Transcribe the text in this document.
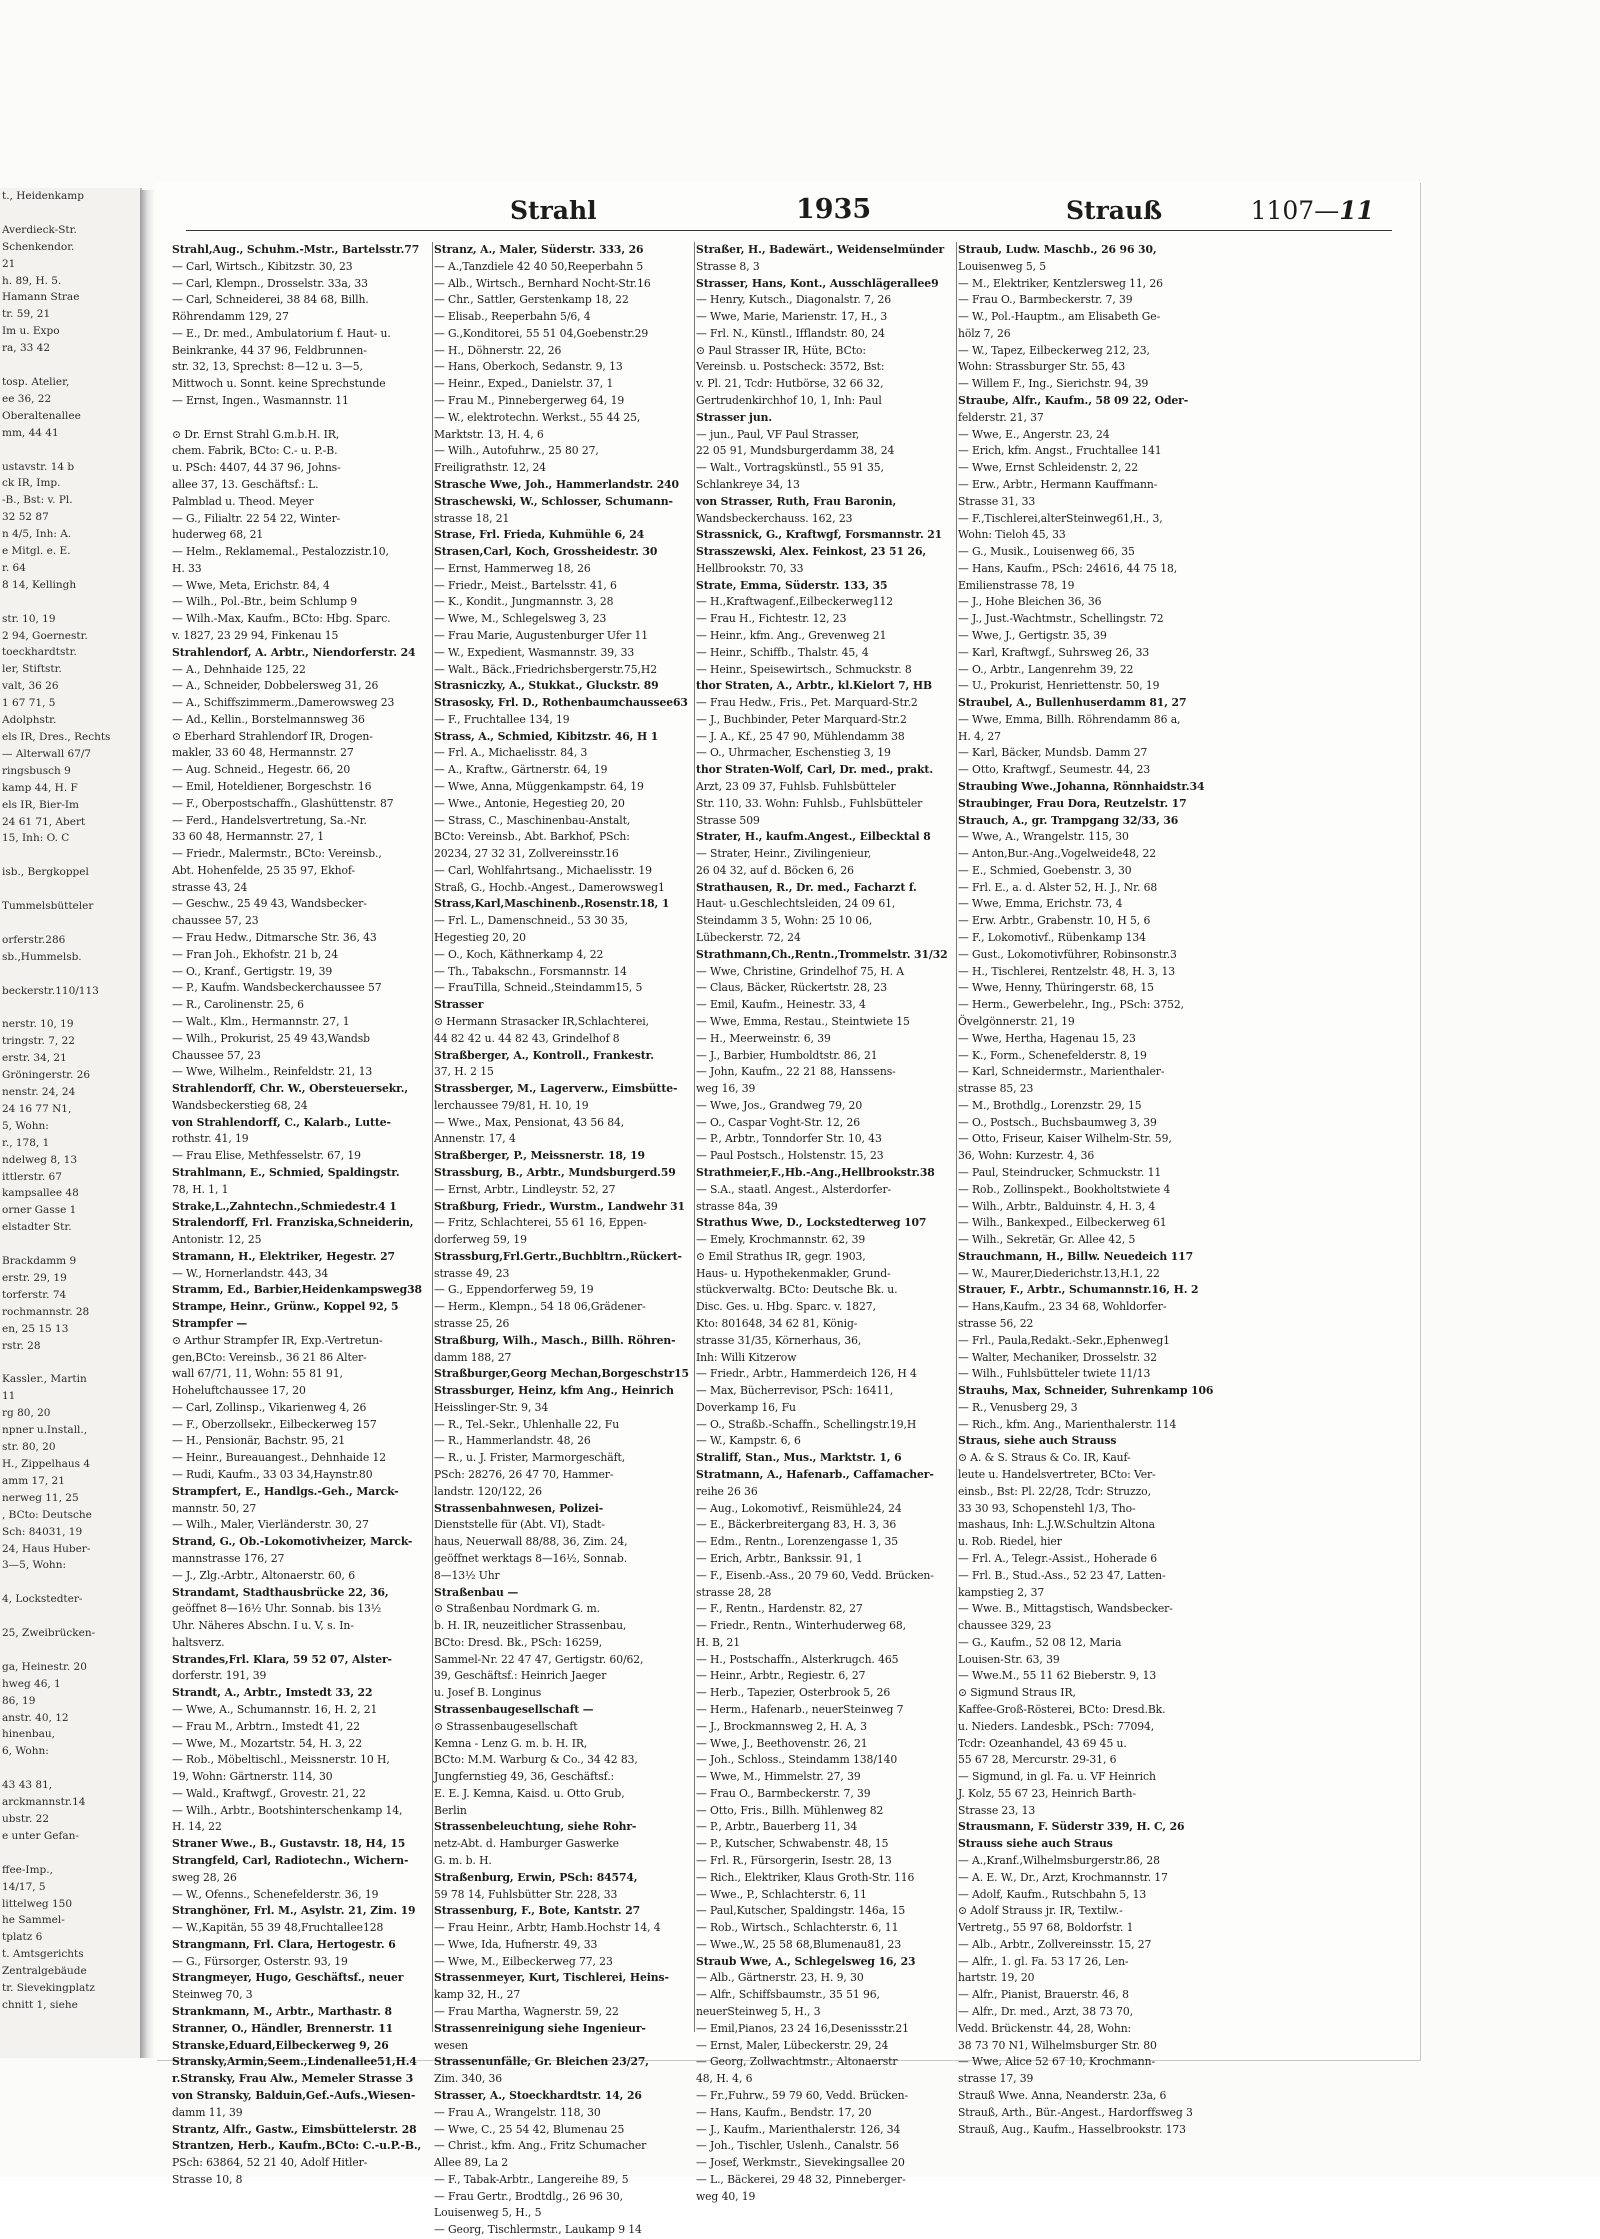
t., Heidenkamp

Averdieck-Str.
Schenkendor.
21
h. 89, H. 5.
Hamann Strae
tr. 59, 21
Im u. Expo
ra, 33 42

tosp. Atelier,
ee 36, 22
Oberaltenallee
mm, 44 41

ustavstr. 14 b
ck IR, Imp.
-B., Bst: v. Pl.
32 52 87
n 4/5, Inh: A.
e Mitgl. e. E.
r. 64
8 14, Kellingh

str. 10, 19
2 94, Goernestr.
toeckhardtstr.
ler, Stiftstr.
valt, 36 26
1 67 71, 5
Adolphstr.
els IR, Dres., Rechts
— Alterwall 67/7
ringsbusch 9
kamp 44, H. F
els IR, Bier-Im
24 61 71, Abert
15, Inh: O. C

isb., Bergkoppel

Tummelsbütteler

orferstr.286
sb.,Hummelsb.

beckerstr.110/113

nerstr. 10, 19
tringstr. 7, 22
erstr. 34, 21
Gröningerstr. 26
nenstr. 24, 24
24 16 77 N1,
5, Wohn:
r., 178, 1
ndelweg 8, 13
ittlerstr. 67
kampsallee 48
orner Gasse 1
elstadter Str.

Brackdamm 9
erstr. 29, 19
torferstr. 74
rochmannstr. 28
en, 25 15 13
rstr. 28

Kassler., Martin
11
rg 80, 20
npner u.Install.,
str. 80, 20
H., Zippelhaus 4
amm 17, 21
nerweg 11, 25
, BCto: Deutsche
Sch: 84031, 19
24, Haus Huber-
3—5, Wohn:

4, Lockstedter-

25, Zweibrücken-

ga, Heinestr. 20
hweg 46, 1
86, 19
anstr. 40, 12
hinenbau,
6, Wohn:

43 43 81,
arckmannstr.14
ubstr. 22
e unter Gefan-

ffee-Imp.,
14/17, 5
littelweg 150
he Sammel-
tplatz 6
t. Amtsgerichts
Zentralgebäude
tr. Sievekingplatz
chnitt 1, siehe
Strahl	1935	Strauß	1107—11
Strahl,Aug., Schuhm.-Mstr., Bartelsstr.77
— Carl, Wirtsch., Kibitzstr. 30, 23
— Carl, Klempn., Drosselstr. 33a, 33
— Carl, Schneiderei, 38 84 68, Billh.
Röhrendamm 129, 27
— E., Dr. med., Ambulatorium f. Haut- u.
Beinkranke, 44 37 96, Feldbrunnen-
str. 32, 13, Sprechst: 8—12 u. 3—5,
Mittwoch u. Sonnt. keine Sprechstunde
— Ernst, Ingen., Wasmannstr. 11

⊙ Dr. Ernst Strahl G.m.b.H. IR,
chem. Fabrik, BCto: C.- u. P.-B.
u. PSch: 4407, 44 37 96, Johns-
allee 37, 13. Geschäftsf.: L.
Palmblad u. Theod. Meyer
— G., Filialtr. 22 54 22, Winter-
huderweg 68, 21
— Helm., Reklamemal., Pestalozzistr.10,
H. 33
— Wwe, Meta, Erichstr. 84, 4
— Wilh., Pol.-Btr., beim Schlump 9
— Wilh.-Max, Kaufm., BCto: Hbg. Sparc.
v. 1827, 23 29 94, Finkenau 15
Strahlendorf, A. Arbtr., Niendorferstr. 24
— A., Dehnhaide 125, 22
— A., Schneider, Dobbelersweg 31, 26
— A., Schiffszimmerm.,Damerowsweg 23
— Ad., Kellin., Borstelmannsweg 36
⊙ Eberhard Strahlendorf IR, Drogen-
makler, 33 60 48, Hermannstr. 27
— Aug. Schneid., Hegestr. 66, 20
— Emil, Hoteldiener, Borgeschstr. 16
— F., Oberpostschaffn., Glashüttenstr. 87
— Ferd., Handelsvertretung, Sa.-Nr.
33 60 48, Hermannstr. 27, 1
— Friedr., Malermstr., BCto: Vereinsb.,
Abt. Hohenfelde, 25 35 97, Ekhof-
strasse 43, 24
— Geschw., 25 49 43, Wandsbecker-
chaussee 57, 23
— Frau Hedw., Ditmarsche Str. 36, 43
— Fran Joh., Ekhofstr. 21 b, 24
— O., Kranf., Gertigstr. 19, 39
— P., Kaufm. Wandsbeckerchaussee 57
— R., Carolinenstr. 25, 6
— Walt., Klm., Hermannstr. 27, 1
— Wilh., Prokurist, 25 49 43,Wandsb
Chaussee 57, 23
— Wwe, Wilhelm., Reinfeldstr. 21, 13
Strahlendorff, Chr. W., Obersteuersekr.,
Wandsbeckerstieg 68, 24
von Strahlendorff, C., Kalarb., Lutte-
rothstr. 41, 19
— Frau Elise, Methfesselstr. 67, 19
Strahlmann, E., Schmied, Spaldingstr.
78, H. 1, 1
Strake,L.,Zahntechn.,Schmiedestr.4 1
Stralendorff, Frl. Franziska,Schneiderin,
Antonistr. 12, 25
Stramann, H., Elektriker, Hegestr. 27
— W., Hornerlandstr. 443, 34
Stramm, Ed., Barbier,Heidenkampsweg38
Strampe, Heinr., Grünw., Koppel 92, 5
Strampfer —
⊙ Arthur Strampfer IR, Exp.-Vertretun-
gen,BCto: Vereinsb., 36 21 86 Alter-
wall 67/71, 11, Wohn: 55 81 91,
Hoheluftchaussee 17, 20
— Carl, Zollinsp., Vikarienweg 4, 26
— F., Oberzollsekr., Eilbeckerweg 157
— H., Pensionär, Bachstr. 95, 21
— Heinr., Bureauangest., Dehnhaide 12
— Rudi, Kaufm., 33 03 34,Haynstr.80
Strampfert, E., Handlgs.-Geh., Marck-
mannstr. 50, 27
— Wilh., Maler, Vierländerstr. 30, 27
Strand, G., Ob.-Lokomotivheizer, Marck-
mannstrasse 176, 27
— J., Zlg.-Arbtr., Altonaerstr. 60, 6
Strandamt, Stadthausbrücke 22, 36,
geöffnet 8—16½ Uhr. Sonnab. bis 13½
Uhr. Näheres Abschn. I u. V, s. In-
haltsverz.
Strandes,Frl. Klara, 59 52 07, Alster-
dorferstr. 191, 39
Strandt, A., Arbtr., Imstedt 33, 22
— Wwe, A., Schumannstr. 16, H. 2, 21
— Frau M., Arbtrn., Imstedt 41, 22
— Wwe, M., Mozartstr. 54, H. 3, 22
— Rob., Möbeltischl., Meissnerstr. 10 H,
19, Wohn: Gärtnerstr. 114, 30
— Wald., Kraftwgf., Grovestr. 21, 22
— Wilh., Arbtr., Bootshinterschenkamp 14,
H. 14, 22
Straner Wwe., B., Gustavstr. 18, H4, 15
Strangfeld, Carl, Radiotechn., Wichern-
sweg 28, 26
— W., Ofenns., Schenefelderstr. 36, 19
Stranghöner, Frl. M., Asylstr. 21, Zim. 19
— W.,Kapitän, 55 39 48,Fruchtallee128
Strangmann, Frl. Clara, Hertogestr. 6
— G., Fürsorger, Osterstr. 93, 19
Strangmeyer, Hugo, Geschäftsf., neuer
Steinweg 70, 3
Strankmann, M., Arbtr., Marthastr. 8
Stranner, O., Händler, Brennerstr. 11
Stranske,Eduard,Eilbeckerweg 9, 26
Stransky,Armin,Seem.,Lindenallee51,H.4
r.Stransky, Frau Alw., Memeler Strasse 3
von Stransky, Balduin,Gef.-Aufs.,Wiesen-
damm 11, 39
Strantz, Alfr., Gastw., Eimsbüttelerstr. 28
Strantzen, Herb., Kaufm.,BCto: C.-u.P.-B.,
PSch: 63864, 52 21 40, Adolf Hitler-
Strasse 10, 8
Stranz, A., Maler, Süderstr. 333, 26
— A.,Tanzdiele 42 40 50,Reeperbahn 5
— Alb., Wirtsch., Bernhard Nocht-Str.16
— Chr., Sattler, Gerstenkamp 18, 22
— Elisab., Reeperbahn 5/6, 4
— G.,Konditorei, 55 51 04,Goebenstr.29
— H., Döhnerstr. 22, 26
— Hans, Oberkoch, Sedanstr. 9, 13
— Heinr., Exped., Danielstr. 37, 1
— Frau M., Pinnebergerweg 64, 19
— W., elektrotechn. Werkst., 55 44 25,
Marktstr. 13, H. 4, 6
— Wilh., Autofuhrw., 25 80 27,
Freiligrathstr. 12, 24
Strasche Wwe, Joh., Hammerlandstr. 240
Straschewski, W., Schlosser, Schumann-
strasse 18, 21
Strase, Frl. Frieda, Kuhmühle 6, 24
Strasen,Carl, Koch, Grossheidestr. 30
— Ernst, Hammerweg 18, 26
— Friedr., Meist., Bartelsstr. 41, 6
— K., Kondit., Jungmannstr. 3, 28
— Wwe, M., Schlegelsweg 3, 23
— Frau Marie, Augustenburger Ufer 11
— W., Expedient, Wasmannstr. 39, 33
— Walt., Bäck.,Friedrichsbergerstr.75,H2
Strasniczky, A., Stukkat., Gluckstr. 89
Strasosky, Frl. D., Rothenbaumchaussee63
— F., Fruchtallee 134, 19
Strass, A., Schmied, Kibitzstr. 46, H 1
— Frl. A., Michaelisstr. 84, 3
— A., Kraftw., Gärtnerstr. 64, 19
— Wwe, Anna, Müggenkampstr. 64, 19
— Wwe., Antonie, Hegestieg 20, 20
— Strass, C., Maschinenbau-Anstalt,
BCto: Vereinsb., Abt. Barkhof, PSch:
20234, 27 32 31, Zollvereinsstr.16
— Carl, Wohlfahrtsang., Michaelisstr. 19
Straß, G., Hochb.-Angest., Damerowsweg1
Strass,Karl,Maschinenb.,Rosenstr.18, 1
— Frl. L., Damenschneid., 53 30 35,
Hegestieg 20, 20
— O., Koch, Käthnerkamp 4, 22
— Th., Tabakschn., Forsmannstr. 14
— FrauTilla, Schneid.,Steindamm15, 5
Strasser
⊙ Hermann Strasacker IR,Schlachterei,
44 82 42 u. 44 82 43, Grindelhof 8
Straßberger, A., Kontroll., Frankestr.
37, H. 2 15
Strassberger, M., Lagerverw., Eimsbütte-
lerchaussee 79/81, H. 10, 19
— Wwe., Max, Pensionat, 43 56 84,
Annenstr. 17, 4
Straßberger, P., Meissnerstr. 18, 19
Strassburg, B., Arbtr., Mundsburgerd.59
— Ernst, Arbtr., Lindleystr. 52, 27
Straßburg, Friedr., Wurstm., Landwehr 31
— Fritz, Schlachterei, 55 61 16, Eppen-
dorferweg 59, 19
Strassburg,Frl.Gertr.,Buchbltrn.,Rückert-
strasse 49, 23
— G., Eppendorferweg 59, 19
— Herm., Klempn., 54 18 06,Grädener-
strasse 25, 26
Straßburg, Wilh., Masch., Billh. Röhren-
damm 188, 27
Straßburger,Georg Mechan,Borgeschstr15
Strassburger, Heinz, kfm Ang., Heinrich
Heisslinger-Str. 9, 34
— R., Tel.-Sekr., Uhlenhalle 22, Fu
— R., Hammerlandstr. 48, 26
— R., u. J. Frister, Marmorgeschäft,
PSch: 28276, 26 47 70, Hammer-
landstr. 120/122, 26
Strassenbahnwesen, Polizei-
Dienststelle für (Abt. VI), Stadt-
haus, Neuerwall 88/88, 36, Zim. 24,
geöffnet werktags 8—16½, Sonnab.
8—13½ Uhr
Straßenbau —
⊙ Straßenbau Nordmark G. m.
b. H. IR, neuzeitlicher Strassenbau,
BCto: Dresd. Bk., PSch: 16259,
Sammel-Nr. 22 47 47, Gertigstr. 60/62,
39, Geschäftsf.: Heinrich Jaeger
u. Josef B. Longinus
Strassenbaugesellschaft —
⊙ Strassenbaugesellschaft
Kemna - Lenz G. m. b. H. IR,
BCto: M.M. Warburg & Co., 34 42 83,
Jungfernstieg 49, 36, Geschäftsf.:
E. E. J. Kemna, Kaisd. u. Otto Grub,
Berlin
Strassenbeleuchtung, siehe Rohr-
netz-Abt. d. Hamburger Gaswerke
G. m. b. H.
Straßenburg, Erwin, PSch: 84574,
59 78 14, Fuhlsbütter Str. 228, 33
Strassenburg, F., Bote, Kantstr. 27
— Frau Heinr., Arbtr, Hamb.Hochstr 14, 4
— Wwe, Ida, Hufnerstr. 49, 33
— Wwe, M., Eilbeckerweg 77, 23
Strassenmeyer, Kurt, Tischlerei, Heins-
kamp 32, H., 27
— Frau Martha, Wagnerstr. 59, 22
Strassenreinigung siehe Ingenieur-
wesen
Strassenunfälle, Gr. Bleichen 23/27,
Zim. 340, 36
Strasser, A., Stoeckhardtstr. 14, 26
— Frau A., Wrangelstr. 118, 30
— Wwe, C., 25 54 42, Blumenau 25
— Christ., kfm. Ang., Fritz Schumacher
Allee 89, La 2
— F., Tabak-Arbtr., Langereihe 89, 5
— Frau Gertr., Brodtdlg., 26 96 30,
Louisenweg 5, H., 5
— Georg, Tischlermstr., Laukamp 9 14
Straßer, H., Badewärt., Weidenselmünder
Strasse 8, 3
Strasser, Hans, Kont., Ausschlägerallee9
— Henry, Kutsch., Diagonalstr. 7, 26
— Wwe, Marie, Marienstr. 17, H., 3
— Frl. N., Künstl., Ifflandstr. 80, 24
⊙ Paul Strasser IR, Hüte, BCto:
Vereinsb. u. Postscheck: 3572, Bst:
v. Pl. 21, Tcdr: Hutbörse, 32 66 32,
Gertrudenkirchhof 10, 1, Inh: Paul
Strasser jun.
— jun., Paul, VF Paul Strasser,
22 05 91, Mundsburgerdamm 38, 24
— Walt., Vortragskünstl., 55 91 35,
Schlankreye 34, 13
von Strasser, Ruth, Frau Baronin,
Wandsbeckerchauss. 162, 23
Strassnick, G., Kraftwgf, Forsmannstr. 21
Strasszewski, Alex. Feinkost, 23 51 26,
Hellbrookstr. 70, 33
Strate, Emma, Süderstr. 133, 35
— H.,Kraftwagenf.,Eilbeckerweg112
— Frau H., Fichtestr. 12, 23
— Heinr., kfm. Ang., Grevenweg 21
— Heinr., Schiffb., Thalstr. 45, 4
— Heinr., Speisewirtsch., Schmuckstr. 8
thor Straten, A., Arbtr., kl.Kielort 7, HB
— Frau Hedw., Fris., Pet. Marquard-Str.2
— J., Buchbinder, Peter Marquard-Str.2
— J. A., Kf., 25 47 90, Mühlendamm 38
— O., Uhrmacher, Eschenstieg 3, 19
thor Straten-Wolf, Carl, Dr. med., prakt.
Arzt, 23 09 37, Fuhlsb. Fuhlsbütteler
Str. 110, 33. Wohn: Fuhlsb., Fuhlsbütteler
Strasse 509
Strater, H., kaufm.Angest., Eilbecktal 8
— Strater, Heinr., Zivilingenieur,
26 04 32, auf d. Böcken 6, 26
Strathausen, R., Dr. med., Facharzt f.
Haut- u.Geschlechtsleiden, 24 09 61,
Steindamm 3 5, Wohn: 25 10 06,
Lübeckerstr. 72, 24
Strathmann,Ch.,Rentn.,Trommelstr. 31/32
— Wwe, Christine, Grindelhof 75, H. A
— Claus, Bäcker, Rückertstr. 28, 23
— Emil, Kaufm., Heinestr. 33, 4
— Wwe, Emma, Restau., Steintwiete 15
— H., Meerweinstr. 6, 39
— J., Barbier, Humboldtstr. 86, 21
— John, Kaufm., 22 21 88, Hanssens-
weg 16, 39
— Wwe, Jos., Grandweg 79, 20
— O., Caspar Voght-Str. 12, 26
— P., Arbtr., Tonndorfer Str. 10, 43
— Paul Postsch., Holstenstr. 15, 23
Strathmeier,F.,Hb.-Ang.,Hellbrookstr.38
— S.A., staatl. Angest., Alsterdorfer-
strasse 84a, 39
Strathus Wwe, D., Lockstedterweg 107
— Emely, Krochmannstr. 62, 39
⊙ Emil Strathus IR, gegr. 1903,
Haus- u. Hypothekenmakler, Grund-
stückverwaltg. BCto: Deutsche Bk. u.
Disc. Ges. u. Hbg. Sparc. v. 1827,
Kto: 801648, 34 62 81, König-
strasse 31/35, Körnerhaus, 36,
Inh: Willi Kitzerow
— Friedr., Arbtr., Hammerdeich 126, H 4
— Max, Bücherrevisor, PSch: 16411,
Doverkamp 16, Fu
— O., Straßb.-Schaffn., Schellingstr.19,H
— W., Kampstr. 6, 6
Straliff, Stan., Mus., Marktstr. 1, 6
Stratmann, A., Hafenarb., Caffamacher-
reihe 26 36
— Aug., Lokomotivf., Reismühle24, 24
— E., Bäckerbreitergang 83, H. 3, 36
— Edm., Rentn., Lorenzengasse 1, 35
— Erich, Arbtr., Bankssir. 91, 1
— F., Eisenb.-Ass., 20 79 60, Vedd. Brücken-
strasse 28, 28
— F., Rentn., Hardenstr. 82, 27
— Friedr., Rentn., Winterhuderweg 68,
H. B, 21
— H., Postschaffn., Alsterkrugch. 465
— Heinr., Arbtr., Regiestr. 6, 27
— Herb., Tapezier, Osterbrook 5, 26
— Herm., Hafenarb., neuerSteinweg 7
— J., Brockmannsweg 2, H. A, 3
— Wwe, J., Beethovenstr. 26, 21
— Joh., Schloss., Steindamm 138/140
— Wwe, M., Himmelstr. 27, 39
— Frau O., Barmbeckerstr. 7, 39
— Otto, Fris., Billh. Mühlenweg 82
— P., Arbtr., Bauerberg 11, 34
— P., Kutscher, Schwabenstr. 48, 15
— Frl. R., Fürsorgerin, Isestr. 28, 13
— Rich., Elektriker, Klaus Groth-Str. 116
— Wwe., P., Schlachterstr. 6, 11
— Paul,Kutscher, Spaldingstr. 146a, 15
— Rob., Wirtsch., Schlachterstr. 6, 11
— Wwe.,W., 25 58 68,Blumenau81, 23
Straub Wwe, A., Schlegelsweg 16, 23
— Alb., Gärtnerstr. 23, H. 9, 30
— Alfr., Schiffsbaumstr., 35 51 96,
neuerSteinweg 5, H., 3
— Emil,Pianos, 23 24 16,Desenissstr.21
— Ernst, Maler, Lübeckerstr. 29, 24
— Georg, Zollwachtmstr., Altonaerstr
48, H. 4, 6
— Fr.,Fuhrw., 59 79 60, Vedd. Brücken-
— Hans, Kaufm., Bendstr. 17, 20
— J., Kaufm., Marienthalerstr. 126, 34
— Joh., Tischler, Uslenh., Canalstr. 56
— Josef, Werkmstr., Sievekingsallee 20
— L., Bäckerei, 29 48 32, Pinneberger-
weg 40, 19
Straub, Ludw. Maschb., 26 96 30,
Louisenweg 5, 5
— M., Elektriker, Kentzlersweg 11, 26
— Frau O., Barmbeckerstr. 7, 39
— W., Pol.-Hauptm., am Elisabeth Ge-
hölz 7, 26
— W., Tapez, Eilbeckerweg 212, 23,
Wohn: Strassburger Str. 55, 43
— Willem F., Ing., Sierichstr. 94, 39
Straube, Alfr., Kaufm., 58 09 22, Oder-
felderstr. 21, 37
— Wwe, E., Angerstr. 23, 24
— Erich, kfm. Angst., Fruchtallee 141
— Wwe, Ernst Schleidenstr. 2, 22
— Erw., Arbtr., Hermann Kauffmann-
Strasse 31, 33
— F.,Tischlerei,alterSteinweg61,H., 3,
Wohn: Tieloh 45, 33
— G., Musik., Louisenweg 66, 35
— Hans, Kaufm., PSch: 24616, 44 75 18,
Emilienstrasse 78, 19
— J., Hohe Bleichen 36, 36
— J., Just.-Wachtmstr., Schellingstr. 72
— Wwe, J., Gertigstr. 35, 39
— Karl, Kraftwgf., Suhrsweg 26, 33
— O., Arbtr., Langenrehm 39, 22
— U., Prokurist, Henriettenstr. 50, 19
Straubel, A., Bullenhuserdamm 81, 27
— Wwe, Emma, Billh. Röhrendamm 86 a,
H. 4, 27
— Karl, Bäcker, Mundsb. Damm 27
— Otto, Kraftwgf., Seumestr. 44, 23
Straubing Wwe.,Johanna, Rönnhaidstr.34
Straubinger, Frau Dora, Reutzelstr. 17
Strauch, A., gr. Trampgang 32/33, 36
— Wwe, A., Wrangelstr. 115, 30
— Anton,Bur.-Ang.,Vogelweide48, 22
— E., Schmied, Goebenstr. 3, 30
— Frl. E., a. d. Alster 52, H. J., Nr. 68
— Wwe, Emma, Erichstr. 73, 4
— Erw. Arbtr., Grabenstr. 10, H 5, 6
— F., Lokomotivf., Rübenkamp 134
— Gust., Lokomotivführer, Robinsonstr.3
— H., Tischlerei, Rentzelstr. 48, H. 3, 13
— Wwe, Henny, Thüringerstr. 68, 15
— Herm., Gewerbelehr., Ing., PSch: 3752,
Övelgönnerstr. 21, 19
— Wwe, Hertha, Hagenau 15, 23
— K., Form., Schenefelderstr. 8, 19
— Karl, Schneidermstr., Marienthaler-
strasse 85, 23
— M., Brothdlg., Lorenzstr. 29, 15
— O., Postsch., Buchsbaumweg 3, 39
— Otto, Friseur, Kaiser Wilhelm-Str. 59,
36, Wohn: Kurzestr. 4, 36
— Paul, Steindrucker, Schmuckstr. 11
— Rob., Zollinspekt., Bookholtstwiete 4
— Wilh., Arbtr., Balduinstr. 4, H. 3, 4
— Wilh., Bankexped., Eilbeckerweg 61
— Wilh., Sekretär, Gr. Allee 42, 5
Strauchmann, H., Billw. Neuedeich 117
— W., Maurer,Diederichstr.13,H.1, 22
Strauer, F., Arbtr., Schumannstr.16, H. 2
— Hans,Kaufm., 23 34 68, Wohldorfer-
strasse 56, 22
— Frl., Paula,Redakt.-Sekr.,Ephenweg1
— Walter, Mechaniker, Drosselstr. 32
— Wilh., Fuhlsbütteler twiete 11/13
Strauhs, Max, Schneider, Suhrenkamp 106
— R., Venusberg 29, 3
— Rich., kfm. Ang., Marienthalerstr. 114
Straus, siehe auch Strauss
⊙ A. & S. Straus & Co. IR, Kauf-
leute u. Handelsvertreter, BCto: Ver-
einsb., Bst: Pl. 22/28, Tcdr: Struzzo,
33 30 93, Schopenstehl 1/3, Tho-
mashaus, Inh: L.J.W.Schultzin Altona
u. Rob. Riedel, hier
— Frl. A., Telegr.-Assist., Hoherade 6
— Frl. B., Stud.-Ass., 52 23 47, Latten-
kampstieg 2, 37
— Wwe. B., Mittagstisch, Wandsbecker-
chaussee 329, 23
— G., Kaufm., 52 08 12, Maria
Louisen-Str. 63, 39
— Wwe.M., 55 11 62 Bieberstr. 9, 13
⊙ Sigmund Straus IR,
Kaffee-Groß-Rösterei, BCto: Dresd.Bk.
u. Nieders. Landesbk., PSch: 77094,
Tcdr: Ozeanhandel, 43 69 45 u.
55 67 28, Mercurstr. 29-31, 6
— Sigmund, in gl. Fa. u. VF Heinrich
J. Kolz, 55 67 23, Heinrich Barth-
Strasse 23, 13
Strausmann, F. Süderstr 339, H. C, 26
Strauss siehe auch Straus
— A.,Kranf.,Wilhelmsburgerstr.86, 28
— A. E. W., Dr., Arzt, Krochmannstr. 17
— Adolf, Kaufm., Rutschbahn 5, 13
⊙ Adolf Strauss jr. IR, Textilw.-
Vertretg., 55 97 68, Boldorfstr. 1
— Alb., Arbtr., Zollvereinsstr. 15, 27
— Alfr., 1. gl. Fa. 53 17 26, Len-
hartstr. 19, 20
— Alfr., Pianist, Brauerstr. 46, 8
— Alfr., Dr. med., Arzt, 38 73 70,
Vedd. Brückenstr. 44, 28, Wohn:
38 73 70 N1, Wilhelmsburger Str. 80
— Wwe, Alice 52 67 10, Krochmann-
strasse 17, 39
Strauß Wwe. Anna, Neanderstr. 23a, 6
Strauß, Arth., Bür.-Angest., Hardorffsweg 3
Strauß, Aug., Kaufm., Hasselbrookstr. 173
